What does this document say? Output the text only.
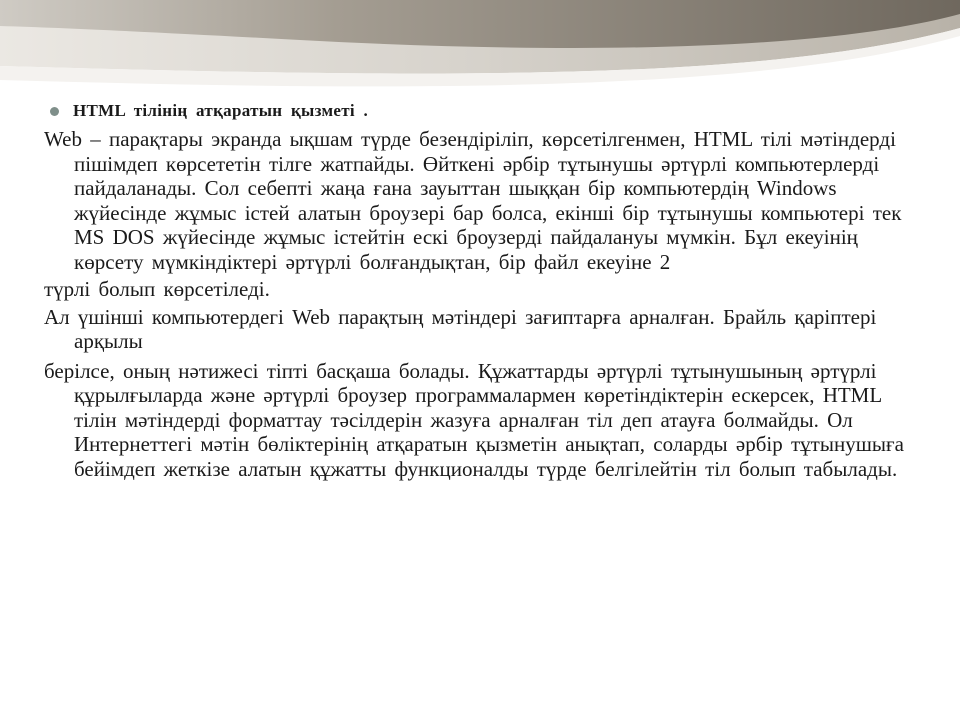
HTML тілінің атқаратын қызметі .

Web – парақтары экранда ықшам түрде безендіріліп, көрсетілгенмен, HTML тілі мәтіндерді пішімдеп көрсететін тілге жатпайды. Өйткені әрбір тұтынушы әртүрлі компьютерлерді пайдаланады. Сол себепті жаңа ғана зауыттан шыққан бір компьютердің Windows жүйесінде жұмыс істей алатын броузері бар болса, екінші бір тұтынушы компьютері тек MS DOS жүйесінде жұмыс істейтін ескі броузерді пайдалануы мүмкін. Бұл екеуінің көрсету мүмкіндіктері әртүрлі болғандықтан, бір файл екеуіне 2

түрлі болып көрсетіледі.

Ал үшінші компьютердегі Web парақтың мәтіндері зағиптарға арналған. Брайль қаріптері арқылы

берілсе, оның нәтижесі тіпті басқаша болады. Құжаттарды әртүрлі тұтынушының әртүрлі құрылғыларда және әртүрлі броузер программалармен көретіндіктерін ескерсек, HTML тілін мәтіндерді форматтау тәсілдерін жазуға арналған тіл деп атауға болмайды. Ол Интернеттегі мәтін бөліктерінің атқаратын қызметін анықтап, соларды әрбір тұтынушыға бейімдеп жеткізе алатын құжатты функционалды түрде белгілейтін тіл болып табылады.
